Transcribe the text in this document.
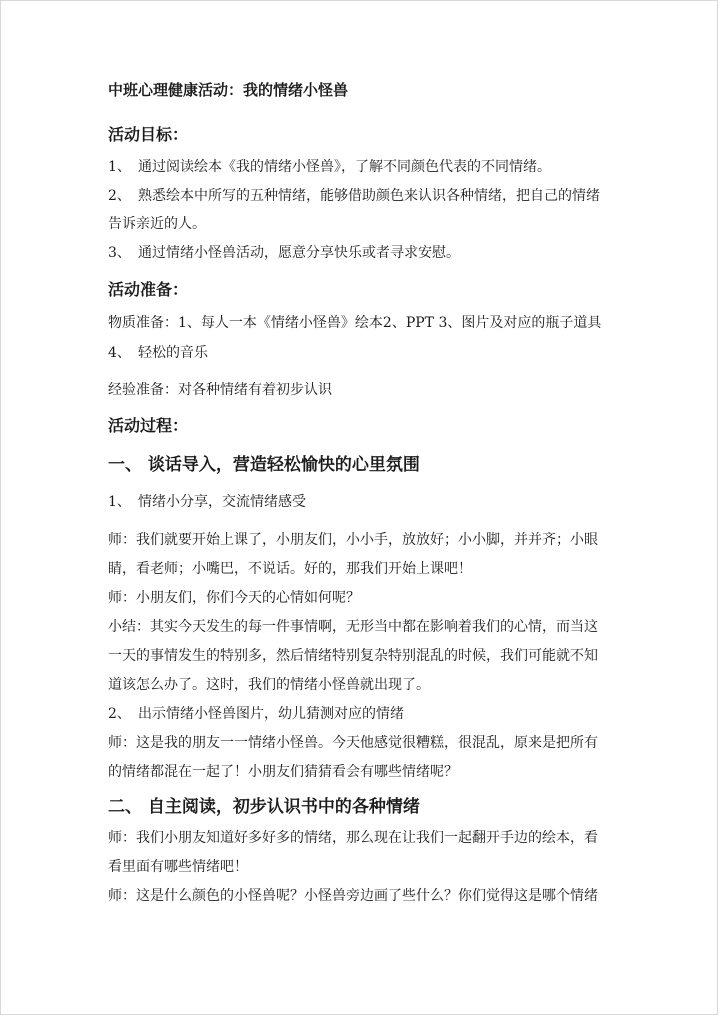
中班心理健康活动：我的情绪小怪兽
活动目标：
1、 通过阅读绘本《我的情绪小怪兽》，了解不同颜色代表的不同情绪。
2、 熟悉绘本中所写的五种情绪，能够借助颜色来认识各种情绪，把自己的情绪
告诉亲近的人。
3、 通过情绪小怪兽活动，愿意分享快乐或者寻求安慰。
活动准备：
物质准备：1、每人一本《情绪小怪兽》绘本2、PPT 3、图片及对应的瓶子道具
4、 轻松的音乐
经验准备：对各种情绪有着初步认识
活动过程：
一、 谈话导入，营造轻松愉快的心里氛围
1、 情绪小分享，交流情绪感受
师：我们就要开始上课了，小朋友们，小小手，放放好；小小脚，并并齐；小眼
睛，看老师；小嘴巴，不说话。好的，那我们开始上课吧！
师：小朋友们，你们今天的心情如何呢？
小结：其实今天发生的每一件事情啊，无形当中都在影响着我们的心情，而当这
一天的事情发生的特别多，然后情绪特别复杂特别混乱的时候，我们可能就不知
道该怎么办了。这时，我们的情绪小怪兽就出现了。
2、 出示情绪小怪兽图片，幼儿猜测对应的情绪
师：这是我的朋友一一情绪小怪兽。今天他感觉很糟糕，很混乱，原来是把所有
的情绪都混在一起了！小朋友们猜猜看会有哪些情绪呢？
二、 自主阅读，初步认识书中的各种情绪
师：我们小朋友知道好多好多的情绪，那么现在让我们一起翻开手边的绘本，看
看里面有哪些情绪吧！
师：这是什么颜色的小怪兽呢？小怪兽旁边画了些什么？你们觉得这是哪个情绪
